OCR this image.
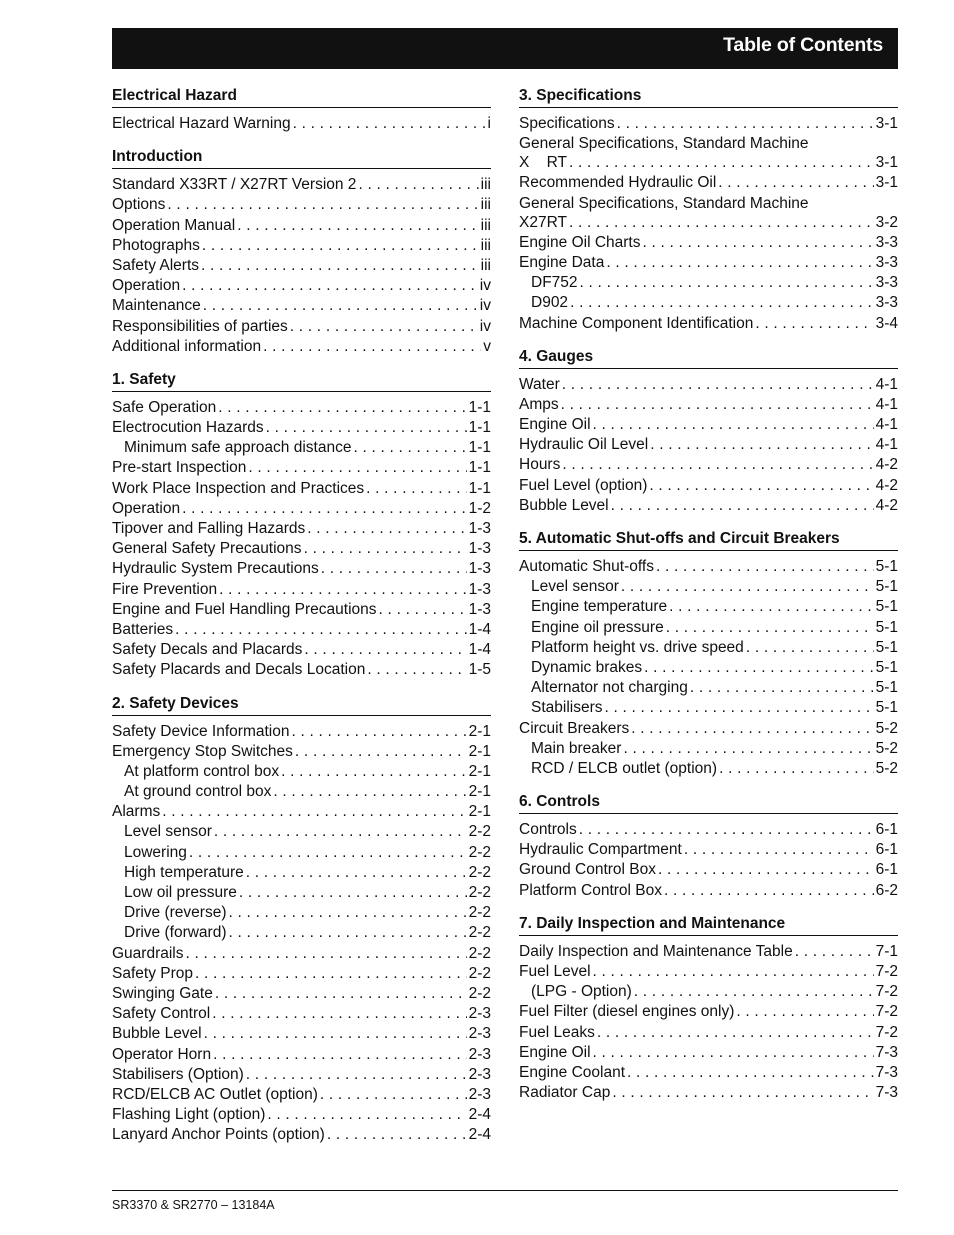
Table of Contents
Electrical Hazard
Electrical Hazard Warning . . .	i
Introduction
Standard X33RT / X27RT Version 2 . . .	iii
Options . . .	iii
Operation Manual . . .	iii
Photographs . . .	iii
Safety Alerts . . .	iii
Operation . . .	iv
Maintenance . . .	iv
Responsibilities of parties . . .	iv
Additional information . . .	v
1. Safety
Safe Operation . . .	1-1
Electrocution Hazards . . .	1-1
Minimum safe approach distance . . .	1-1
Pre-start Inspection . . .	1-1
Work Place Inspection and Practices . . .	1-1
Operation . . .	1-2
Tipover and Falling Hazards . . .	1-3
General Safety Precautions . . .	1-3
Hydraulic System Precautions . . .	1-3
Fire Prevention . . .	1-3
Engine and Fuel Handling Precautions . . .	1-3
Batteries . . .	1-4
Safety Decals and Placards . . .	1-4
Safety Placards and Decals Location . . .	1-5
2. Safety Devices
Safety Device Information . . .	2-1
Emergency Stop Switches . . .	2-1
At platform control box . . .	2-1
At ground control box . . .	2-1
Alarms . . .	2-1
Level sensor . . .	2-2
Lowering . . .	2-2
High temperature . . .	2-2
Low oil pressure . . .	2-2
Drive (reverse) . . .	2-2
Drive (forward) . . .	2-2
Guardrails . . .	2-2
Safety Prop . . .	2-2
Swinging Gate . . .	2-2
Safety Control . . .	2-3
Bubble Level . . .	2-3
Operator Horn . . .	2-3
Stabilisers (Option) . . .	2-3
RCD/ELCB AC Outlet (option) . . .	2-3
Flashing Light (option) . . .	2-4
Lanyard Anchor Points (option) . . .	2-4
3. Specifications
Specifications . . .	3-1
General Specifications, Standard Machine
X    RT . . .	3-1
Recommended Hydraulic Oil . . .	3-1
General Specifications, Standard Machine
X27RT . . .	3-2
Engine Oil Charts . . .	3-3
Engine Data . . .	3-3
DF752 . . .	3-3
D902 . . .	3-3
Machine Component Identification . . .	3-4
4. Gauges
Water . . .	4-1
Amps . . .	4-1
Engine Oil . . .	4-1
Hydraulic Oil Level . . .	4-1
Hours . . .	4-2
Fuel Level (option) . . .	4-2
Bubble Level . . .	4-2
5. Automatic Shut-offs and Circuit Breakers
Automatic Shut-offs . . .	5-1
Level sensor . . .	5-1
Engine temperature . . .	5-1
Engine oil pressure . . .	5-1
Platform height vs. drive speed . . .	5-1
Dynamic brakes . . .	5-1
Alternator not charging . . .	5-1
Stabilisers . . .	5-1
Circuit Breakers . . .	5-2
Main breaker . . .	5-2
RCD / ELCB outlet (option) . . .	5-2
6. Controls
Controls . . .	6-1
Hydraulic Compartment . . .	6-1
Ground Control Box . . .	6-1
Platform Control Box . . .	6-2
7. Daily Inspection and Maintenance
Daily Inspection and Maintenance Table . . .	7-1
Fuel Level . . .	7-2
(LPG - Option) . . .	7-2
Fuel Filter (diesel engines only) . . .	7-2
Fuel Leaks . . .	7-2
Engine Oil . . .	7-3
Engine Coolant . . .	7-3
Radiator Cap . . .	7-3
SR3370 & SR2770 – 13184A
